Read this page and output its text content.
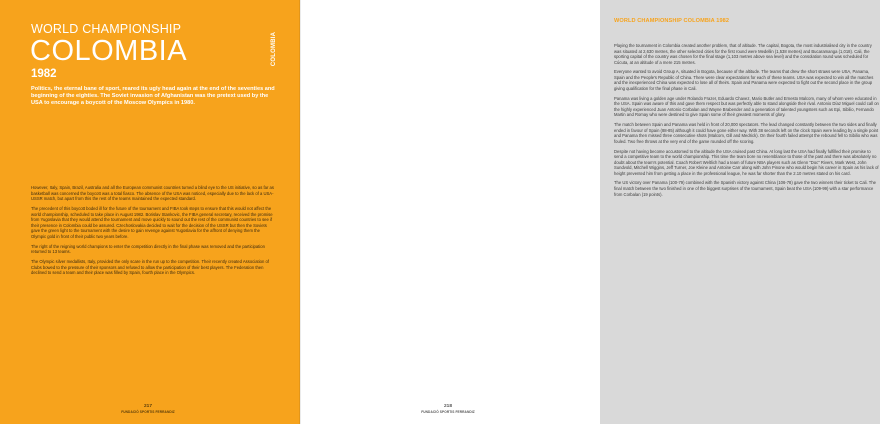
WORLD CHAMPIONSHIP
COLOMBIA
1982
COLOMBIA
Politics, the eternal bane of sport, reared its ugly head again at the end of the seventies and beginning of the eighties. The Soviet invasion of Afghanistan was the pretext used by the USA to encourage a boycott of the Moscow Olympics in 1980.

However, Italy, Spain, Brazil, Australia and all the European communist countries turned a blind eye to the US initiative, so as far as basketball was concerned the boycott was a total fiasco. The absence of the USA was noticed, especially due to the lack of a USA-USSR match, but apart from this the rest of the teams maintained the expected standard.

The precedent of this boycott boded ill for the future of the tournament and FIBA took steps to ensure that this would not affect the world championship, scheduled to take place in August 1982. Borislav Stankovic, the FIBA general secretary, received the promise from Yugoslavia that they would attend the tournament and move quickly to sound out the rest of the communist countries to see if their presence in Colombia could be assured. Czechoslovakia decided to wait for the decision of the USSR but then the Soviets gave the green light to the tournament with the desire to gain revenge against Yugoslavia for the affront of denying them the Olympic gold in front of their public two years before.

The right of the reigning world champions to enter the competition directly in the final phase was removed and the participation returned to 13 teams.

The Olympic silver medallists, Italy, provided the only scare in the run up to the competition. Their recently created Association of Clubs bowed to the pressure of their sponsors and refused to allow the participation of their best players. The Federation then declined to send a team and their place was filled by Spain, fourth place in the Olympics.

217
FUNDACIÓ SPORTIS FERRANDIZ
WORLD CHAMPIONSHIP COLOMBIA 1982

Playing the tournament in Colombia created another problem, that of altitude. The capital, Bogota, the most industrialised city in the country was situated at 2,630 metres, the other selected cities for the first round were Medellin (1,538 metres) and Bucaramanga (1,018). Cali, the sporting capital of the country was chosen for the final stage (1,103 metres above sea level) and the consolation round was scheduled for Cúcuta, at an altitude of a mere 215 metres.

Everyone wanted to avoid Group A, situated in Bogota, because of the altitude. The teams that drew the short straws were USA, Panama, Spain and the People's Republic of China. There were clear expectations for each of these teams. USA was expected to win all the matches and the inexperienced China was expected to lose all of theirs. Spain and Panama were expected to fight out the second place in the group giving qualification for the final phase in Cali.

Panama was living a golden age under Rolando Frazer, Eduardo Chavez, Mario Butler and Ernesto Malcom, many of whom were educated in the USA. Spain was aware of this and gave them respect but was perfectly able to stand alongside their rival. Antonio Díaz Miguel could call on the highly experienced Juan Antonio Corbalan and Wayne Brabender and a generation of talented youngsters such as Epi, Sibilio, Fernando Martin and Romay who were destined to give Spain some of their greatest moments of glory.

The match between Spain and Panama was held in front of 20,000 spectators. The lead changed constantly between the two sides and finally ended in favour of Spain (88-85) although it could have gone either way. With 38 seconds left on the clock Spain were leading by a single point and Panama then missed three consecutive shots (Malcom, Gill and Medrick). On their fourth failed attempt the rebound fell to Sibilio who was fouled. Two free throws at the very end of the game rounded off the scoring.

Despite not having become accustomed to the altitude the USA cruised past China. At long last the USA had finally fulfilled their promise to send a competitive team to the world championship. This time the team bore no resemblance to those of the past and there was absolutely no doubt about the team's potential. Coach Robert Weltlich had a team of future NBA players such as Glenn "Doc" Rivers, Mark West, John Sundvold, Mitchell Wiggins, Jeff Turner, Joe Kleine and Antoine Carr along with John Pinone who would begin his career in Spain as his lack of height prevented him from getting a place in the professional league, he was far shorter than the 2.10 metres stated on his card.

The US victory over Panama (100-79) combined with the Spanish victory against China (106-78) gave the two winners their ticket to Cali. The final match between the two finished in one of the biggest surprises of the tournament, Spain beat the USA (109-99) with a star performance from Corbalan (19 points).

218
FUNDACIÓ SPORTIS FERRANDIZ
